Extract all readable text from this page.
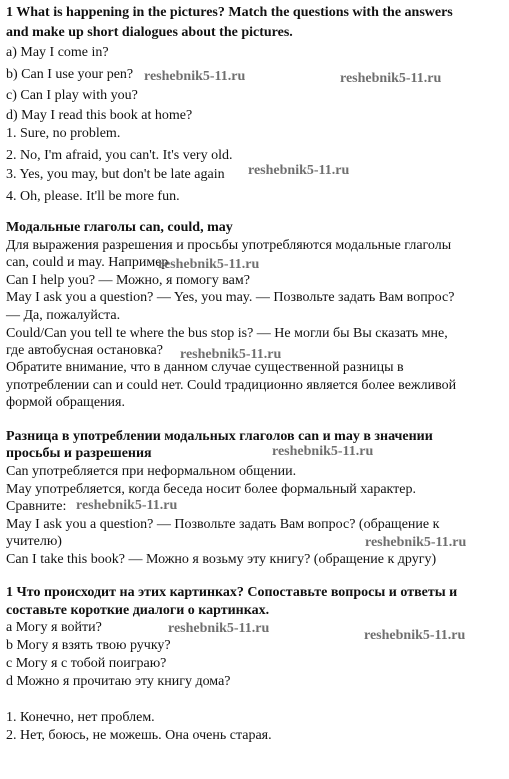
1 What is happening in the pictures? Match the questions with the answers
and make up short dialogues about the pictures.
a) May I come in?
b) Can I use your pen?
c) Can I play with you?
d) May I read this book at home?
1. Sure, no problem.
2. No, I'm afraid, you can't. It's very old.
3. Yes, you may, but don't be late again
4. Oh, please. It'll be more fun.
Модальные глаголы can, could, may
Для выражения разрешения и просьбы употребляются модальные глаголы
can, could и may. Например
Can I help you? — Можно, я помогу вам?
May I ask you a question? — Yes, you may. — Позвольте задать Вам вопрос?
— Да, пожалуйста.
Could/Can you tell te where the bus stop is? — Не могли бы Вы сказать мне,
где автобусная остановка?
Обратите внимание, что в данном случае существенной разницы в
употреблении can и could нет. Could традиционно является более вежливой
формой обращения.
Разница в употреблении модальных глаголов can и may в значении
просьбы и разрешения
Can употребляется при неформальном общении.
May употребляется, когда беседа носит более формальный характер.
Сравните:
May I ask you a question? — Позвольте задать Вам вопрос? (обращение к
учителю)
Can I take this book? — Можно я возьму эту книгу? (обращение к другу)
1 Что происходит на этих картинках? Сопоставьте вопросы и ответы и
составьте короткие диалоги о картинках.
a Могу я войти?
b Могу я взять твою ручку?
c Могу я с тобой поиграю?
d Можно я прочитаю эту книгу дома?
1. Конечно, нет проблем.
2. Нет, боюсь, не можешь. Она очень старая.
reshebnik5-11.ru	reshebnik5-11.ru
reshebnik5-11.ru
reshebnik5-11.ru
reshebnik5-11.ru
reshebnik5-11.ru
reshebnik5-11.ru
reshebnik5-11.ru
reshebnik5-11.ru	reshebnik5-11.ru
